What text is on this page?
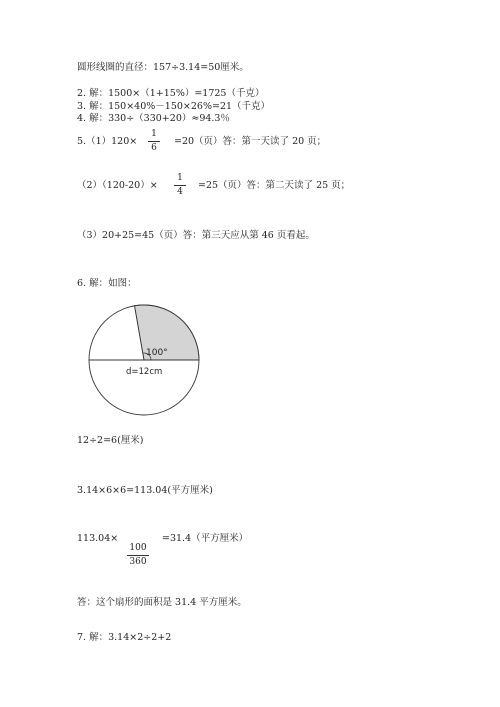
圆形线圈的直径：157÷3.14=50厘米。
2. 解：1500×（1+15%）=1725（千克）
3. 解：150×40%－150×26%=21（千克）
4. 解：330÷（330+20）≈94.3％
5.（1）120×
1
6
=20（页）答：第一天读了 20 页；
（2）（120-20）×
1
4
=25（页）答：第二天读了 25 页；
（3）20+25=45（页）答：第三天应从第 46 页看起。
6. 解：如图：
100°
d=12cm
12÷2=6(厘米)
3.14×6×6=113.04(平方厘米)
113.04×
100
360
=31.4（平方厘米）
答：这个扇形的面积是 31.4 平方厘米。
7. 解：3.14×2÷2+2
